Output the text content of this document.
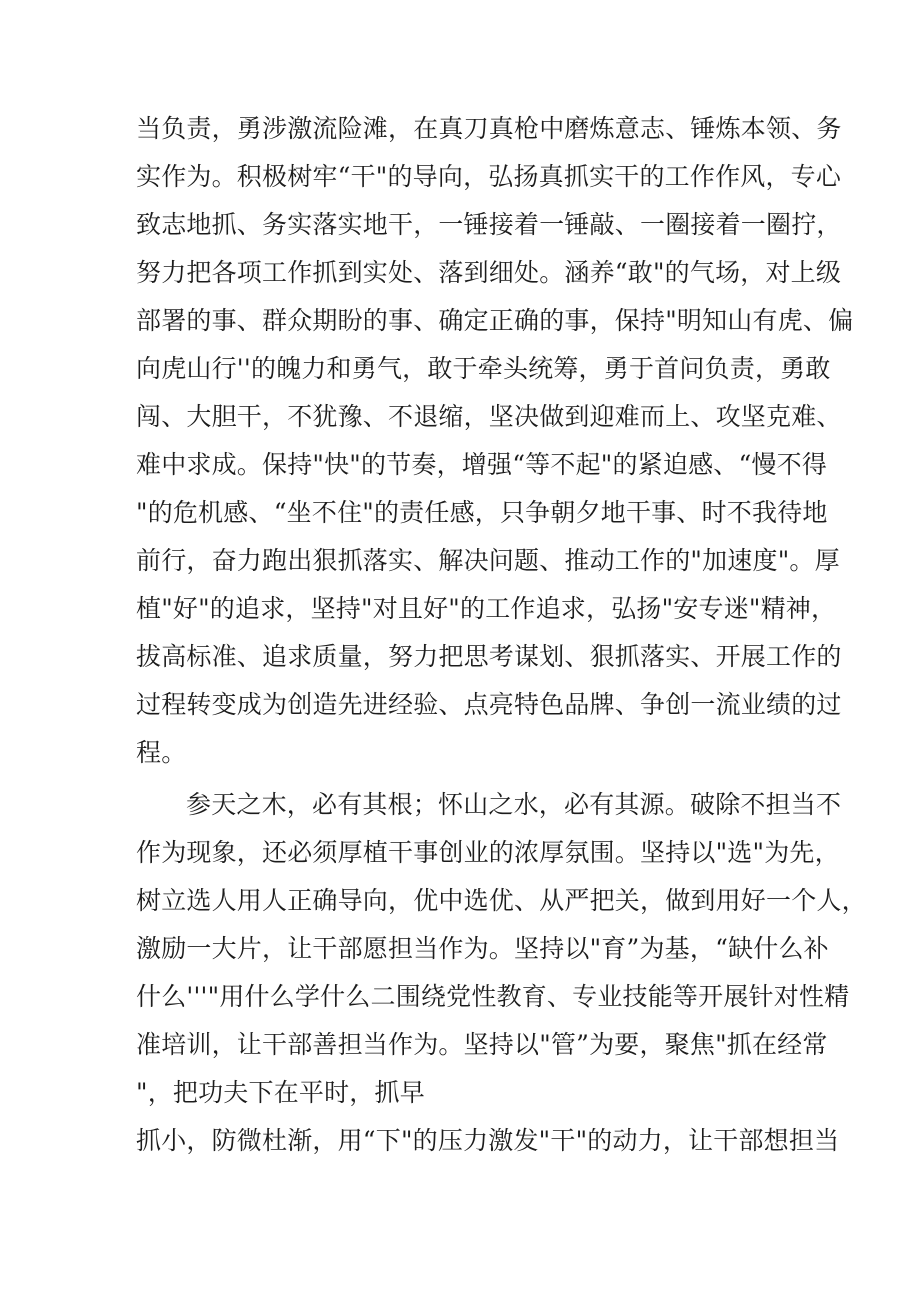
当负责，勇涉激流险滩，在真刀真枪中磨炼意志、锤炼本领、务

实作为。积极树牢“干"的导向，弘扬真抓实干的工作作风，专心

致志地抓、务实落实地干，一锤接着一锤敲、一圈接着一圈拧，

努力把各项工作抓到实处、落到细处。涵养“敢"的气场，对上级

部署的事、群众期盼的事、确定正确的事，保持"明知山有虎、偏

向虎山行''的魄力和勇气，敢于牵头统筹，勇于首问负责，勇敢

闯、大胆干，不犹豫、不退缩，坚决做到迎难而上、攻坚克难、

难中求成。保持"快"的节奏，增强“等不起"的紧迫感、“慢不得

"的危机感、“坐不住"的责任感，只争朝夕地干事、时不我待地

前行，奋力跑出狠抓落实、解决问题、推动工作的"加速度"。厚

植"好"的追求，坚持"对且好"的工作追求，弘扬"安专迷"精神，

拔高标准、追求质量，努力把思考谋划、狠抓落实、开展工作的

过程转变成为创造先进经验、点亮特色品牌、争创一流业绩的过

程。

参天之木，必有其根；怀山之水，必有其源。破除不担当不

作为现象，还必须厚植干事创业的浓厚氛围。坚持以"选"为先，

树立选人用人正确导向，优中选优、从严把关，做到用好一个人，

激励一大片，让干部愿担当作为。坚持以"育”为基，“缺什么补

什么'''"用什么学什么二围绕党性教育、专业技能等开展针对性精

准培训，让干部善担当作为。坚持以"管”为要，聚焦"抓在经常

"，把功夫下在平时，抓早

抓小，防微杜渐，用“下"的压力激发"干"的动力，让干部想担当
